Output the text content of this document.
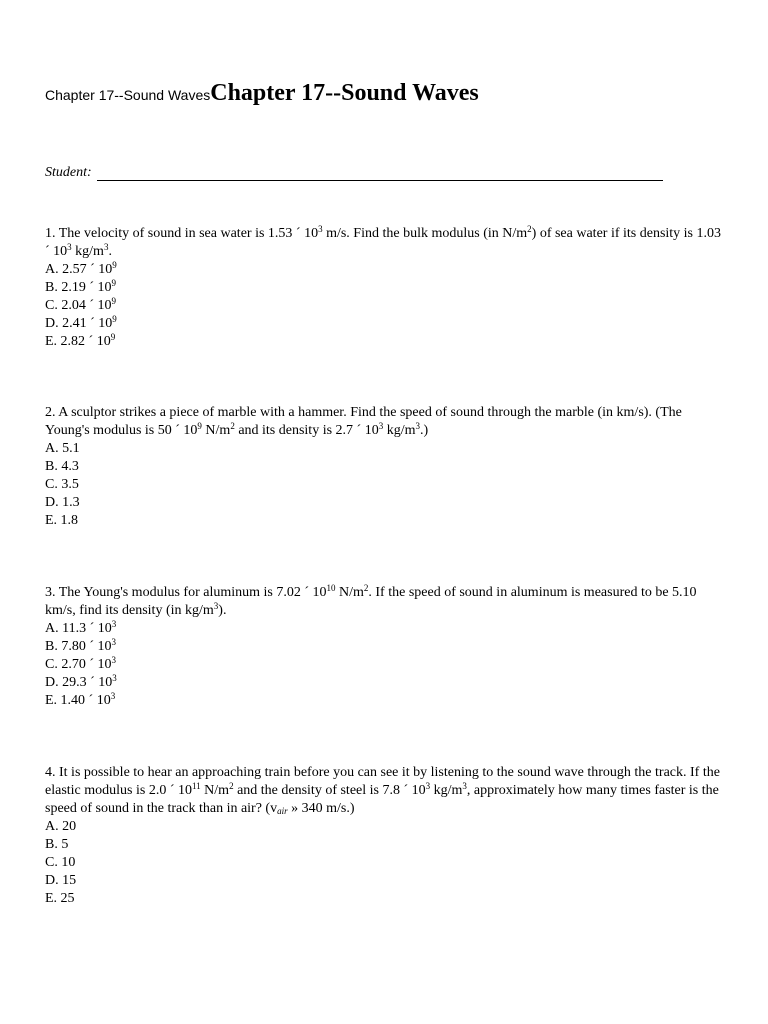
Chapter 17--Sound WavesChapter 17--Sound Waves
Student:

1. The velocity of sound in sea water is 1.53 ´ $10^3$ m/s. Find the bulk modulus (in $N/m^2$) of sea water if its density is 1.03 ´ $10^3$ $kg/m^3$.

A. 2.57 ´ $10^9$

B. 2.19 ´ $10^9$

C. 2.04 ´ $10^9$

D. 2.41 ´ $10^9$

E. 2.82 ´ $10^9$

2. A sculptor strikes a piece of marble with a hammer. Find the speed of sound through the marble (in km/s). (The Young's modulus is 50 ´ $10^9$ $N/m^2$ and its density is 2.7 ´ $10^3$ $kg/m^3$.)

A. 5.1

B. 4.3

C. 3.5

D. 1.3

E. 1.8

3. The Young's modulus for aluminum is 7.02 ´ $10^{10}$ $N/m^2$. If the speed of sound in aluminum is measured to be 5.10 km/s, find its density (in $kg/m^3$).

A. 11.3 ´ $10^3$

B. 7.80 ´ $10^3$

C. 2.70 ´ $10^3$

D. 29.3 ´ $10^3$

E. 1.40 ´ $10^3$

4. It is possible to hear an approaching train before you can see it by listening to the sound wave through the track. If the elastic modulus is 2.0 ´ $10^{11}$ $N/m^2$ and the density of steel is 7.8 ´ $10^3$ $kg/m^3$, approximately how many times faster is the speed of sound in the track than in air? ($v_{air}$ » 340 m/s.)

A. 20

B. 5

C. 10

D. 15

E. 25
